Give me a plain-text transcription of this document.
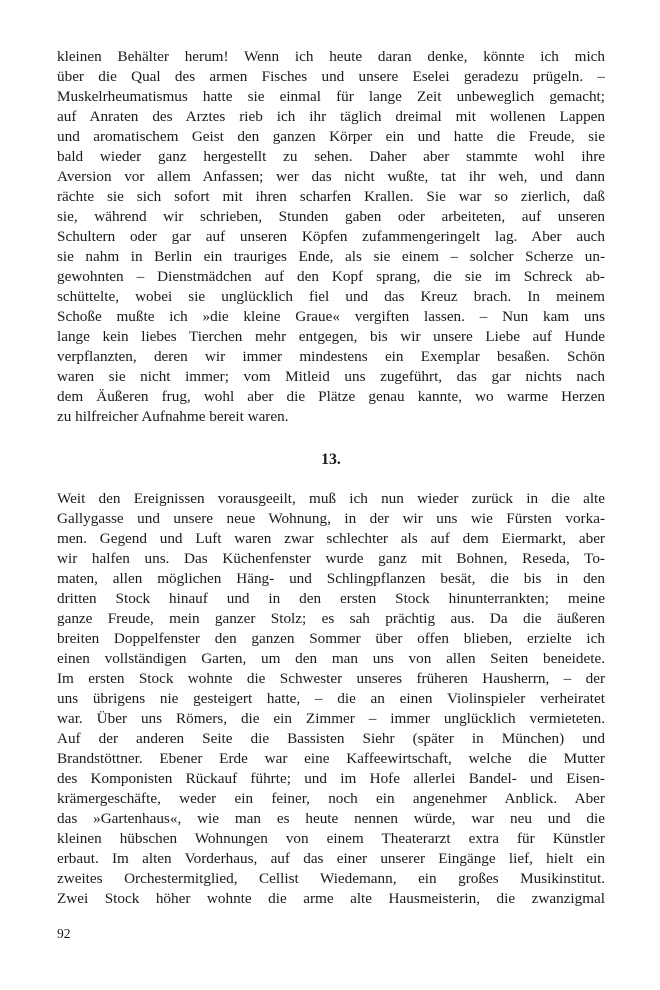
kleinen Behälter herum! Wenn ich heute daran denke, könnte ich mich
über die Qual des armen Fisches und unsere Eselei geradezu prügeln. –
Muskelrheumatismus hatte sie einmal für lange Zeit unbeweglich gemacht;
auf Anraten des Arztes rieb ich ihr täglich dreimal mit wollenen Lappen
und aromatischem Geist den ganzen Körper ein und hatte die Freude, sie
bald wieder ganz hergestellt zu sehen. Daher aber stammte wohl ihre
Aversion vor allem Anfassen; wer das nicht wußte, tat ihr weh, und dann
rächte sie sich sofort mit ihren scharfen Krallen. Sie war so zierlich, daß
sie, während wir schrieben, Stunden gaben oder arbeiteten, auf unseren
Schultern oder gar auf unseren Köpfen zufammengeringelt lag. Aber auch
sie nahm in Berlin ein trauriges Ende, als sie einem – solcher Scherze un-
gewohnten – Dienstmädchen auf den Kopf sprang, die sie im Schreck ab-
schüttelte, wobei sie unglücklich fiel und das Kreuz brach. In meinem
Schoße mußte ich »die kleine Graue« vergiften lassen. – Nun kam uns
lange kein liebes Tierchen mehr entgegen, bis wir unsere Liebe auf Hunde
verpflanzten, deren wir immer mindestens ein Exemplar besaßen. Schön
waren sie nicht immer; vom Mitleid uns zugeführt, das gar nichts nach
dem Äußeren frug, wohl aber die Plätze genau kannte, wo warme Herzen
zu hilfreicher Aufnahme bereit waren.
13.
Weit den Ereignissen vorausgeeilt, muß ich nun wieder zurück in die alte
Gallygasse und unsere neue Wohnung, in der wir uns wie Fürsten vorka-
men. Gegend und Luft waren zwar schlechter als auf dem Eiermarkt, aber
wir halfen uns. Das Küchenfenster wurde ganz mit Bohnen, Reseda, To-
maten, allen möglichen Häng- und Schlingpflanzen besät, die bis in den
dritten Stock hinauf und in den ersten Stock hinunterrankten; meine
ganze Freude, mein ganzer Stolz; es sah prächtig aus. Da die äußeren
breiten Doppelfenster den ganzen Sommer über offen blieben, erzielte ich
einen vollständigen Garten, um den man uns von allen Seiten beneidete.
Im ersten Stock wohnte die Schwester unseres früheren Hausherrn, – der
uns übrigens nie gesteigert hatte, – die an einen Violinspieler verheiratet
war. Über uns Römers, die ein Zimmer – immer unglücklich vermieteten.
Auf der anderen Seite die Bassisten Siehr (später in München) und
Brandstöttner. Ebener Erde war eine Kaffeewirtschaft, welche die Mutter
des Komponisten Rückauf führte; und im Hofe allerlei Bandel- und Eisen-
krämergeschäfte, weder ein feiner, noch ein angenehmer Anblick. Aber
das »Gartenhaus«, wie man es heute nennen würde, war neu und die
kleinen hübschen Wohnungen von einem Theaterarzt extra für Künstler
erbaut. Im alten Vorderhaus, auf das einer unserer Eingänge lief, hielt ein
zweites Orchestermitglied, Cellist Wiedemann, ein großes Musikinstitut.
Zwei Stock höher wohnte die arme alte Hausmeisterin, die zwanzigmal
92
